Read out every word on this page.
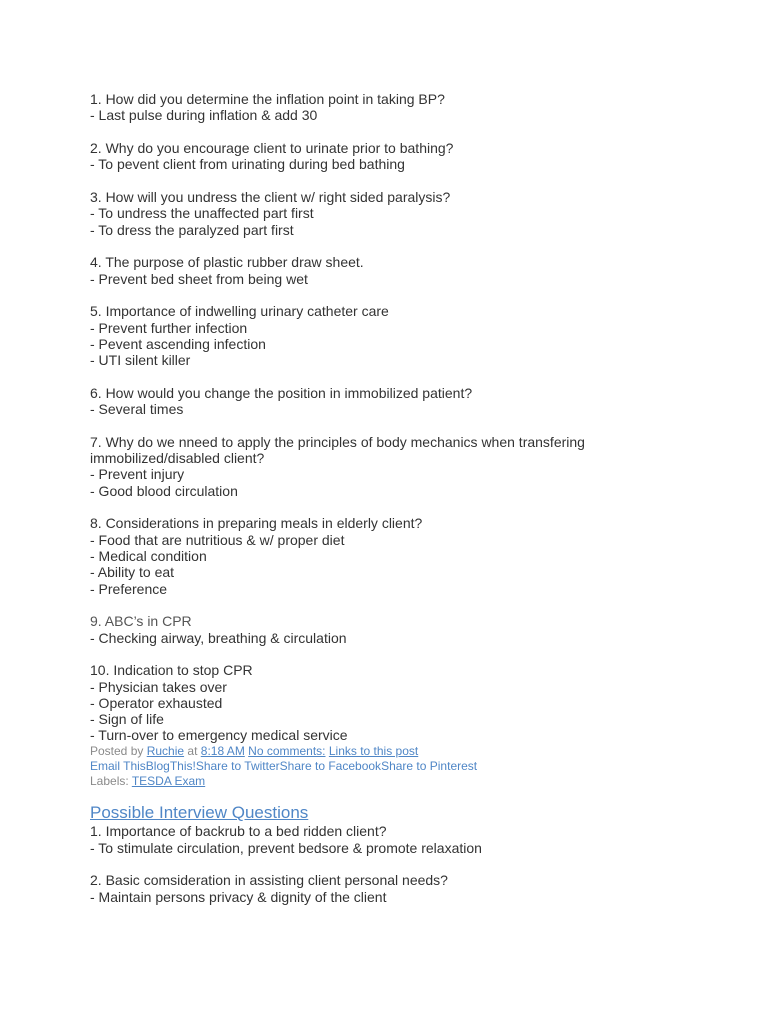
1. How did you determine the inflation point in taking BP?
- Last pulse during inflation & add 30
2. Why do you encourage client to urinate prior to bathing?
- To pevent client from urinating during bed bathing
3. How will you undress the client w/ right sided paralysis?
- To undress the unaffected part first
- To dress the paralyzed part first
4. The purpose of plastic rubber draw sheet.
- Prevent bed sheet from being wet
5. Importance of indwelling urinary catheter care
- Prevent further infection
- Pevent ascending infection
- UTI silent killer
6. How would you change the position in immobilized patient?
- Several times
7. Why do we nneed to apply the principles of body mechanics when transfering
immobilized/disabled client?
- Prevent injury
- Good blood circulation
8. Considerations in preparing meals in elderly client?
- Food that are nutritious & w/ proper diet
- Medical condition
- Ability to eat
- Preference
9. ABC’s in CPR
- Checking airway, breathing & circulation
10. Indication to stop CPR
- Physician takes over
- Operator exhausted
- Sign of life
- Turn-over to emergency medical service
Posted by Ruchie at 8:18 AM No comments: Links to this post
Email ThisBlogThis!Share to TwitterShare to FacebookShare to Pinterest
Labels: TESDA Exam
Possible Interview Questions
1. Importance of backrub to a bed ridden client?
- To stimulate circulation, prevent bedsore & promote relaxation
2. Basic comsideration in assisting client personal needs?
- Maintain persons privacy & dignity of the client
